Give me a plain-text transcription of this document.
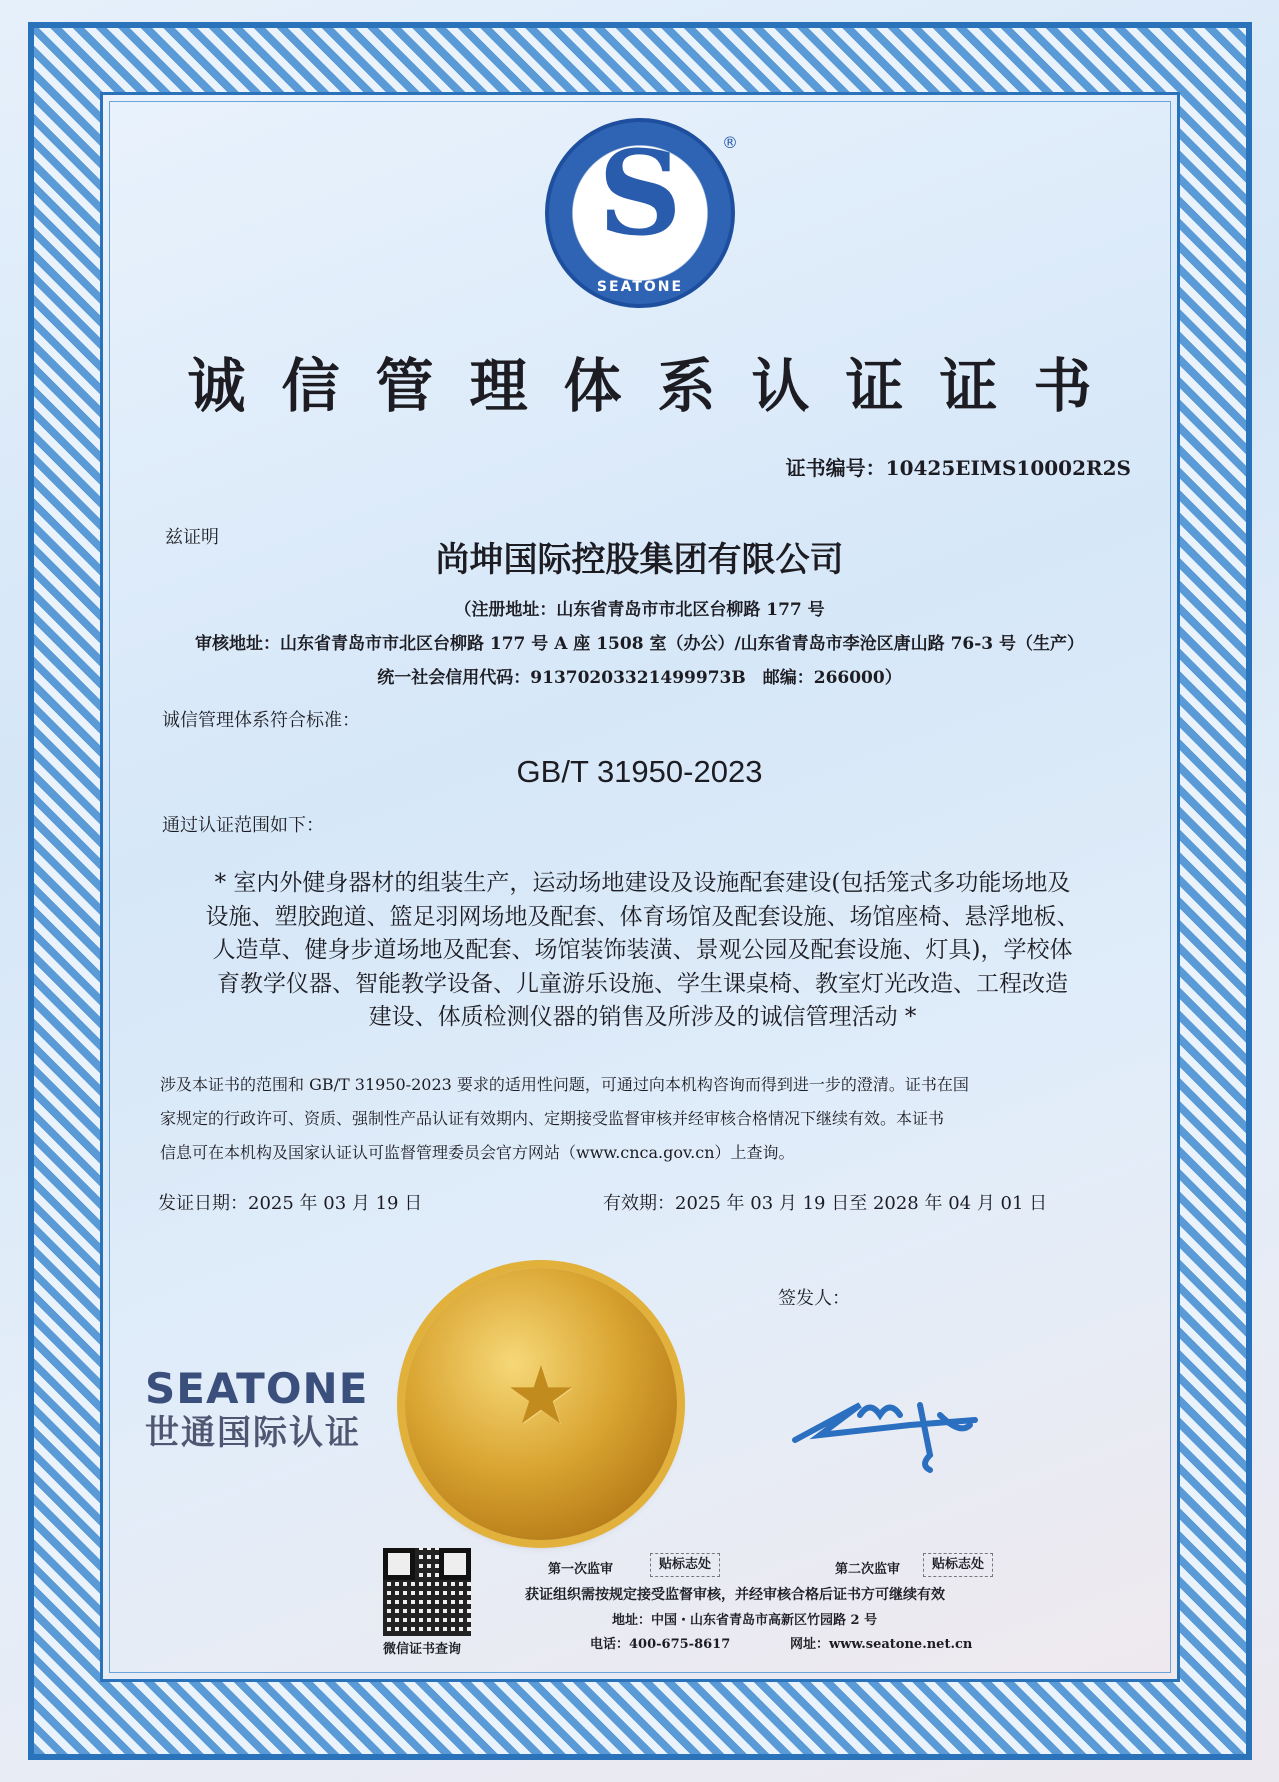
S
SEATONE
®
诚信管理体系认证证书
证书编号：10425EIMS10002R2S
兹证明
尚坤国际控股集团有限公司
（注册地址：山东省青岛市市北区台柳路 177 号
审核地址：山东省青岛市市北区台柳路 177 号 A 座 1508 室（办公）/山东省青岛市李沧区唐山路 76-3 号（生产）
统一社会信用代码：91370203321499973B　邮编：266000）
诚信管理体系符合标准：
GB/T 31950-2023
通过认证范围如下：
* 室内外健身器材的组装生产，运动场地建设及设施配套建设(包括笼式多功能场地及
设施、塑胶跑道、篮足羽网场地及配套、体育场馆及配套设施、场馆座椅、悬浮地板、
人造草、健身步道场地及配套、场馆装饰装潢、景观公园及配套设施、灯具)，学校体
育教学仪器、智能教学设备、儿童游乐设施、学生课桌椅、教室灯光改造、工程改造
建设、体质检测仪器的销售及所涉及的诚信管理活动 *
涉及本证书的范围和 GB/T 31950-2023 要求的适用性问题，可通过向本机构咨询而得到进一步的澄清。证书在国
家规定的行政许可、资质、强制性产品认证有效期内、定期接受监督审核并经审核合格情况下继续有效。本证书
信息可在本机构及国家认证认可监督管理委员会官方网站（www.cnca.gov.cn）上查询。
发证日期：2025 年 03 月 19 日	有效期：2025 年 03 月 19 日至 2028 年 04 月 01 日
签发人：
SEATONE
世通国际认证	★
微信证书查询
第一次监审	贴标志处	第二次监审	贴标志处
获证组织需按规定接受监督审核，并经审核合格后证书方可继续有效
地址：中国・山东省青岛市高新区竹园路 2 号
电话：400-675-8617	网址：www.seatone.net.cn
